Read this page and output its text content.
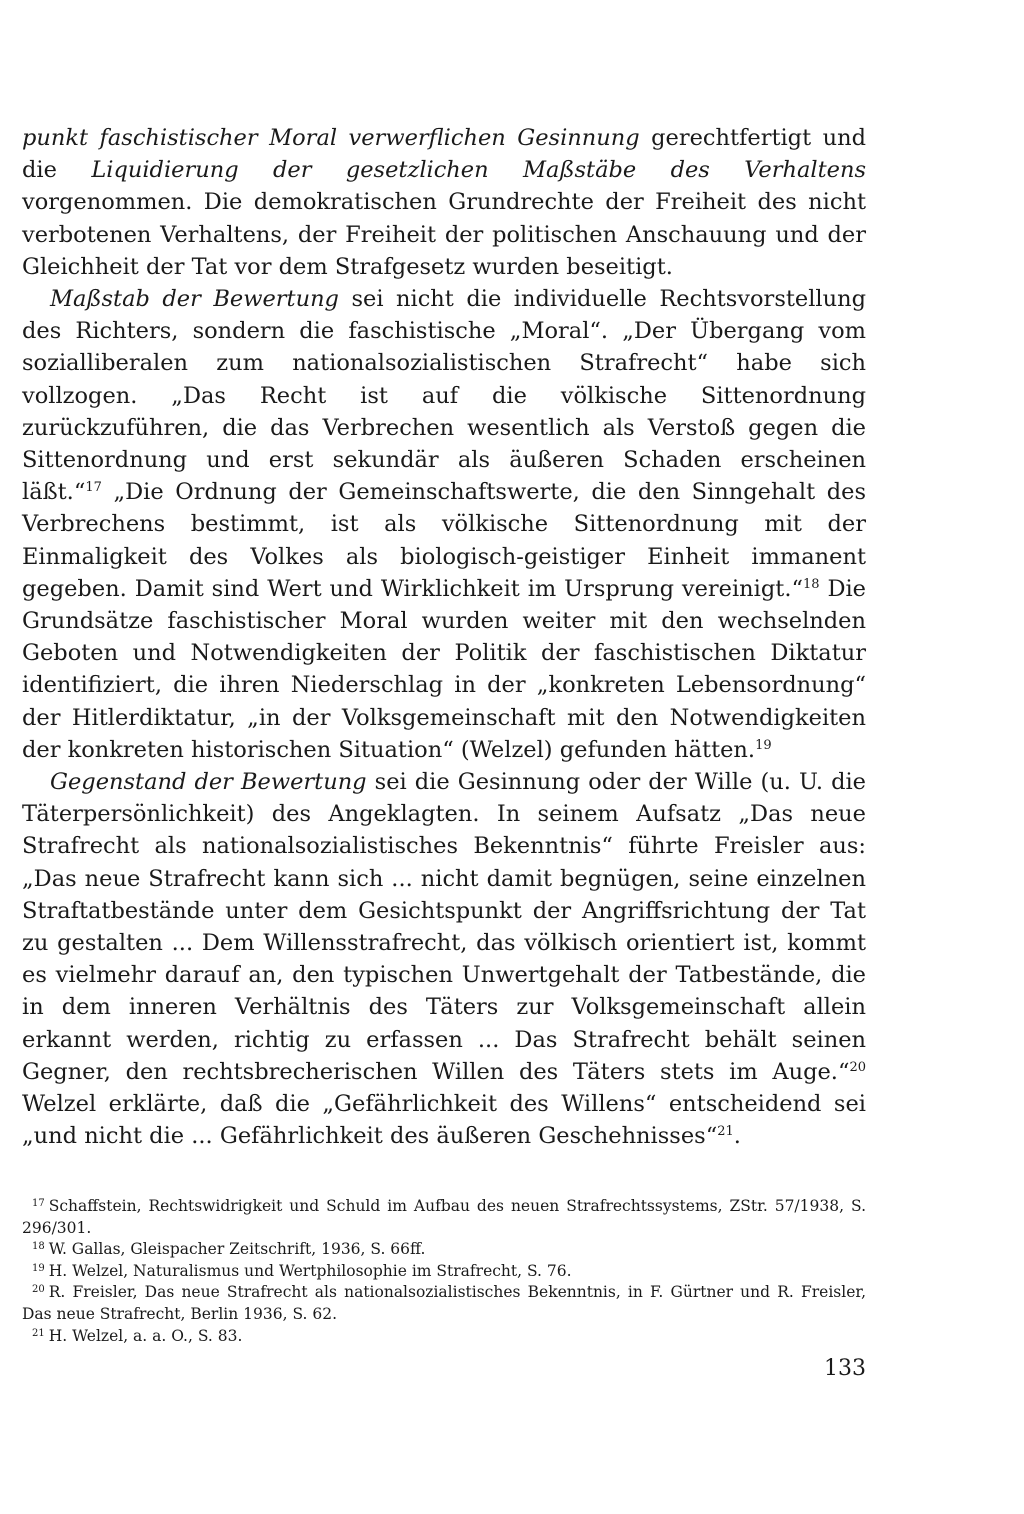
punkt faschistischer Moral verwerflichen Gesinnung gerechtfertigt und die Liquidierung der gesetzlichen Maßstäbe des Verhaltens vorgenommen. Die demokratischen Grundrechte der Freiheit des nicht verbotenen Verhaltens, der Freiheit der politischen Anschauung und der Gleichheit der Tat vor dem Strafgesetz wurden beseitigt.

Maßstab der Bewertung sei nicht die individuelle Rechtsvorstellung des Richters, sondern die faschistische „Moral“. „Der Übergang vom sozialliberalen zum nationalsozialistischen Strafrecht“ habe sich vollzogen. „Das Recht ist auf die völkische Sittenordnung zurückzuführen, die das Verbrechen wesentlich als Verstoß gegen die Sittenordnung und erst sekundär als äußeren Schaden erscheinen läßt.“$^{17}$ „Die Ordnung der Gemeinschaftswerte, die den Sinngehalt des Verbrechens bestimmt, ist als völkische Sittenordnung mit der Einmaligkeit des Volkes als biologisch-geistiger Einheit immanent gegeben. Damit sind Wert und Wirklichkeit im Ursprung vereinigt.“$^{18}$ Die Grundsätze faschistischer Moral wurden weiter mit den wechselnden Geboten und Notwendigkeiten der Politik der faschistischen Diktatur identifiziert, die ihren Niederschlag in der „konkreten Lebensordnung“ der Hitlerdiktatur, „in der Volksgemeinschaft mit den Notwendigkeiten der konkreten historischen Situation“ (Welzel) gefunden hätten.$^{19}$

Gegenstand der Bewertung sei die Gesinnung oder der Wille (u. U. die Täterpersönlichkeit) des Angeklagten. In seinem Aufsatz „Das neue Strafrecht als nationalsozialistisches Bekenntnis“ führte Freisler aus: „Das neue Strafrecht kann sich ... nicht damit begnügen, seine einzelnen Straftatbestände unter dem Gesichtspunkt der Angriffsrichtung der Tat zu gestalten ... Dem Willensstrafrecht, das völkisch orientiert ist, kommt es vielmehr darauf an, den typischen Unwertgehalt der Tatbestände, die in dem inneren Verhältnis des Täters zur Volksgemeinschaft allein erkannt werden, richtig zu erfassen ... Das Strafrecht behält seinen Gegner, den rechtsbrecherischen Willen des Täters stets im Auge.“$^{20}$ Welzel erklärte, daß die „Gefährlichkeit des Willens“ entscheidend sei „und nicht die ... Gefährlichkeit des äußeren Geschehnisses“$^{21}$.

$^{17}$ Schaffstein, Rechtswidrigkeit und Schuld im Aufbau des neuen Strafrechtssystems, ZStr. 57/1938, S. 296/301.

$^{18}$ W. Gallas, Gleispacher Zeitschrift, 1936, S. 66ff.

$^{19}$ H. Welzel, Naturalismus und Wertphilosophie im Strafrecht, S. 76.

$^{20}$ R. Freisler, Das neue Strafrecht als nationalsozialistisches Bekenntnis, in F. Gürtner und R. Freisler, Das neue Strafrecht, Berlin 1936, S. 62.

$^{21}$ H. Welzel, a. a. O., S. 83.

133
